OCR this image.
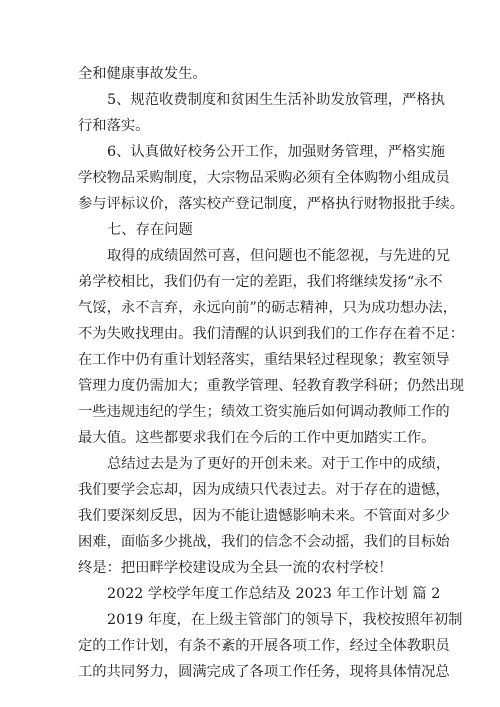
全和健康事故发生。
5、规范收费制度和贫困生生活补助发放管理，严格执
行和落实。
6、认真做好校务公开工作，加强财务管理，严格实施
学校物品采购制度，大宗物品采购必须有全体购物小组成员
参与评标议价，落实校产登记制度，严格执行财物报批手续。
七、存在问题
取得的成绩固然可喜，但问题也不能忽视，与先进的兄
弟学校相比，我们仍有一定的差距，我们将继续发扬“永不
气馁，永不言弃，永远向前”的砺志精神，只为成功想办法，
不为失败找理由。我们清醒的认识到我们的工作存在着不足：
在工作中仍有重计划轻落实，重结果轻过程现象；教室领导
管理力度仍需加大；重教学管理、轻教育教学科研；仍然出现
一些违规违纪的学生；绩效工资实施后如何调动教师工作的
最大值。这些都要求我们在今后的工作中更加踏实工作。
总结过去是为了更好的开创未来。对于工作中的成绩，
我们要学会忘却，因为成绩只代表过去。对于存在的遗憾，
我们要深刻反思，因为不能让遗憾影响未来。不管面对多少
困难，面临多少挑战，我们的信念不会动摇，我们的目标始
终是：把田畔学校建设成为全县一流的农村学校！
2022 学校学年度工作总结及 2023 年工作计划 篇 2
2019 年度，在上级主管部门的领导下，我校按照年初制
定的工作计划，有条不紊的开展各项工作，经过全体教职员
工的共同努力，圆满完成了各项工作任务，现将具体情况总
